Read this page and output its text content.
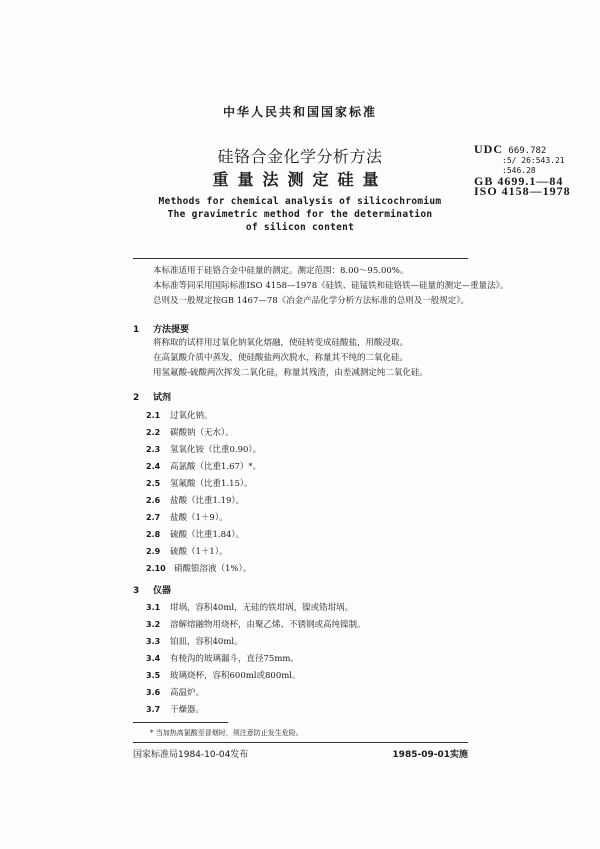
中华人民共和国国家标准
硅铬合金化学分析方法
重量法测定硅量
UDC 669.782
:5/ 26:543.21
:546.28
GB 4699.1—84
ISO 4158—1978
Methods for chemical analysis of silicochromium
The gravimetric method for the determination
of silicon content
本标准适用于硅铬合金中硅量的测定。测定范围：8.00～95.00%。
本标准等同采用国际标准ISO 4158—1978《硅铁、硅锰铁和硅铬铁—硅量的测定—重量法》。
总则及一般规定按GB 1467—78《冶金产品化学分析方法标准的总则及一般规定》。
1 方法提要
将称取的试样用过氧化钠氧化熔融，使硅转变成硅酸盐，用酸浸取。
在高氯酸介质中蒸发，使硅酸盐两次脱水，称量其不纯的二氧化硅。
用氢氟酸-硫酸两次挥发二氧化硅，称量其残渣，由差减测定纯二氧化硅。
2 试剂
2.1 过氧化钠。
2.2 碳酸钠（无水）。
2.3 氢氧化铵（比重0.90）。
2.4 高氯酸（比重1.67）*。
2.5 氢氟酸（比重1.15）。
2.6 盐酸（比重1.19）。
2.7 盐酸（1＋9）。
2.8 硫酸（比重1.84）。
2.9 硫酸（1＋1）。
2.10 硝酸银溶液（1%）。
3 仪器
3.1 坩埚，容积40ml，无硅的铁坩埚，镍或锆坩埚。
3.2 溶解熔融物用烧杯，由聚乙烯、不锈钢或高纯镍制。
3.3 铂皿，容积40ml。
3.4 有棱沟的玻璃漏斗，直径75mm。
3.5 玻璃烧杯，容积600ml或800ml。
3.6 高温炉。
3.7 干燥器。
* 当加热高氯酸至冒烟时，须注意防止发生危险。
国家标准局1984-10-04发布	1985-09-01实施
